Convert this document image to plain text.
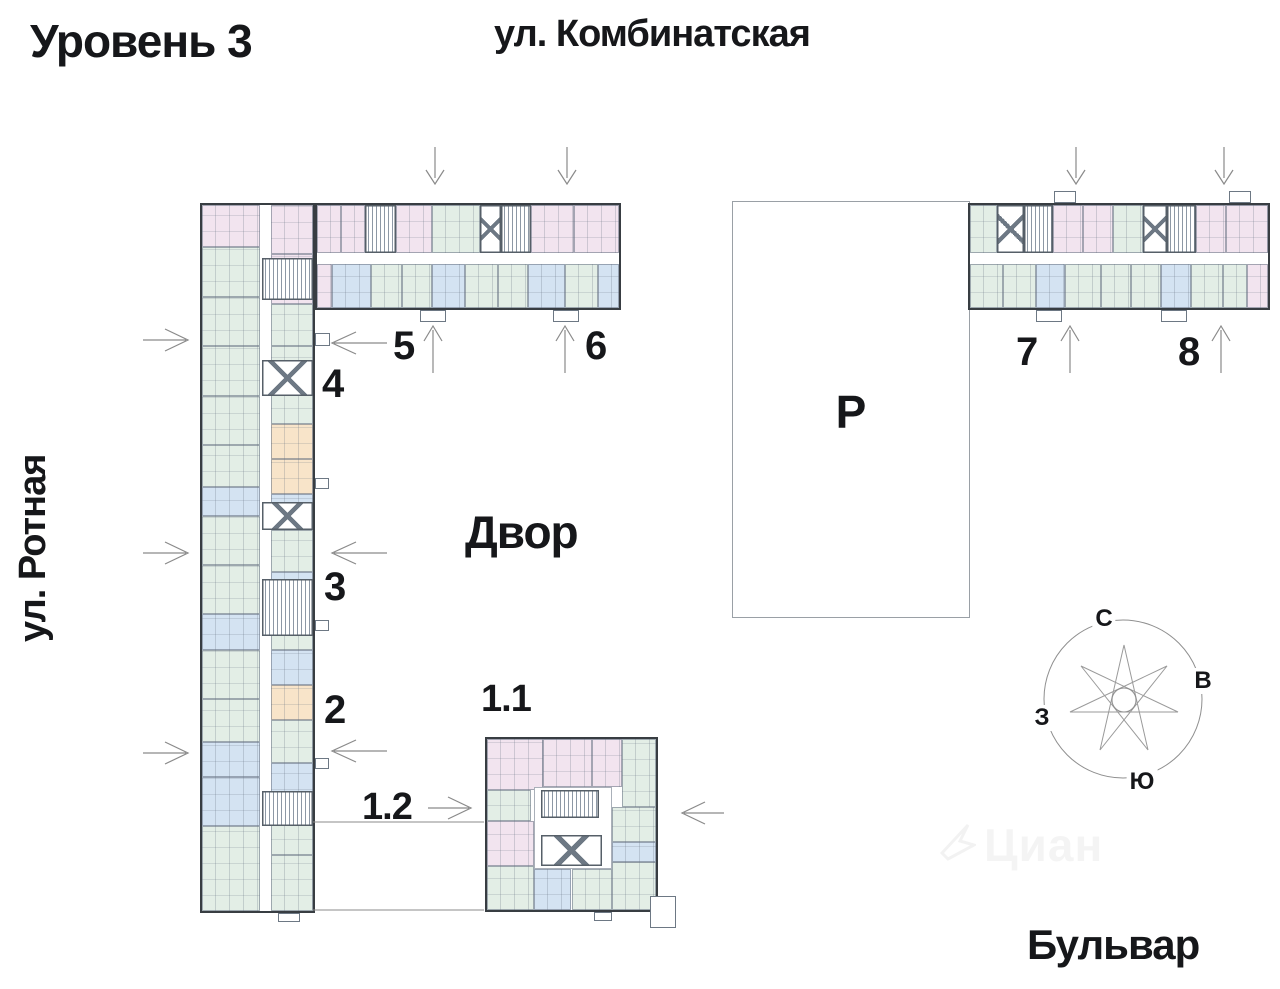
Уровень 3	ул. Комбинатская
ул. Ротная	Двор
Бульвар
Р
5	6
4
3
2	1.1
1.2
7	8
С
В
З
Ю
